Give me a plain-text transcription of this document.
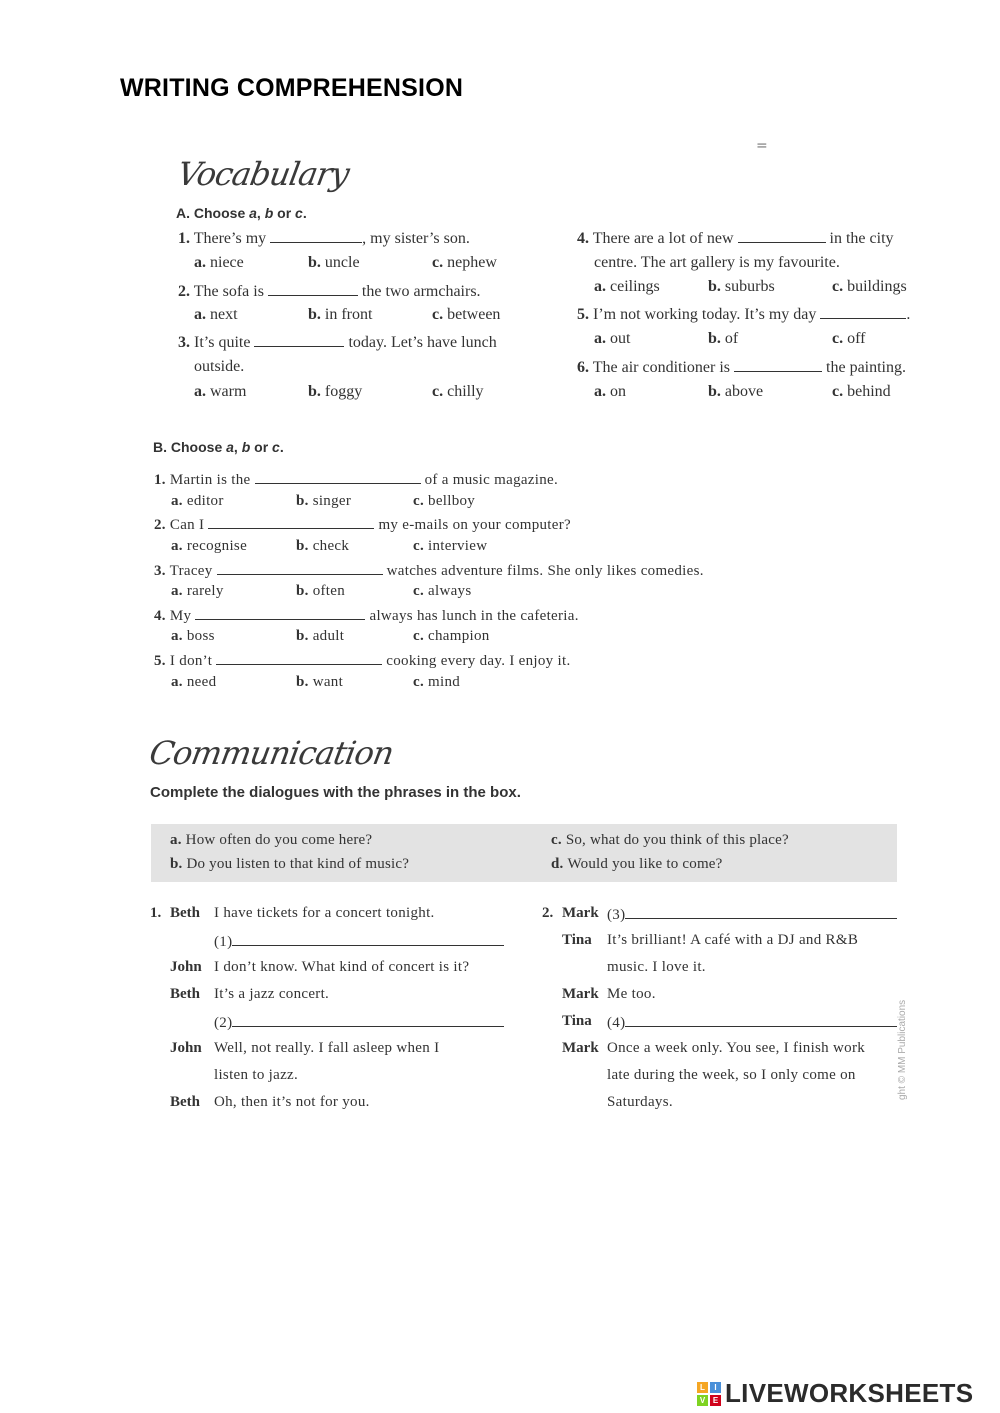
WRITING COMPREHENSION
=
Vocabulary
A. Choose a, b or c.
1. There’s my	, my sister’s son.
a. niece	b. uncle	c. nephew
2. The sofa is	the two armchairs.
a. next	b. in front	c. between
3. It’s quite	today. Let’s have lunch
outside.
a. warm	b. foggy	c. chilly
4. There are a lot of new	in the city
centre. The art gallery is my favourite.
a. ceilings	b. suburbs	c. buildings
5. I’m not working today. It’s my day	.
a. out	b. of	c. off
6. The air conditioner is	the painting.
a. on	b. above	c. behind
B. Choose a, b or c.
1. Martin is the	of a music magazine.
a. editor	b. singer	c. bellboy
2. Can I	my e-mails on your computer?
a. recognise	b. check	c. interview
3. Tracey	watches adventure films. She only likes comedies.
a. rarely	b. often	c. always
4. My	always has lunch in the cafeteria.
a. boss	b. adult	c. champion
5. I don’t	cooking every day. I enjoy it.
a. need	b. want	c. mind
Communication
Complete the dialogues with the phrases in the box.
a. How often do you come here?
b. Do you listen to that kind of music?
c. So, what do you think of this place?
d. Would you like to come?
1. Beth I have tickets for a concert tonight.
(1)
John I don’t know. What kind of concert is it?
Beth It’s a jazz concert.
(2)
John Well, not really. I fall asleep when I
listen to jazz.
Beth Oh, then it’s not for you.
2. Mark (3)
Tina It’s brilliant! A café with a DJ and R&B
music. I love it.
Mark Me too.
Tina (4)
Mark Once a week only. You see, I finish work
late during the week, so I only come on
Saturdays.
ght © MM Publications
L	I
V E LIVEWORKSHEETS
